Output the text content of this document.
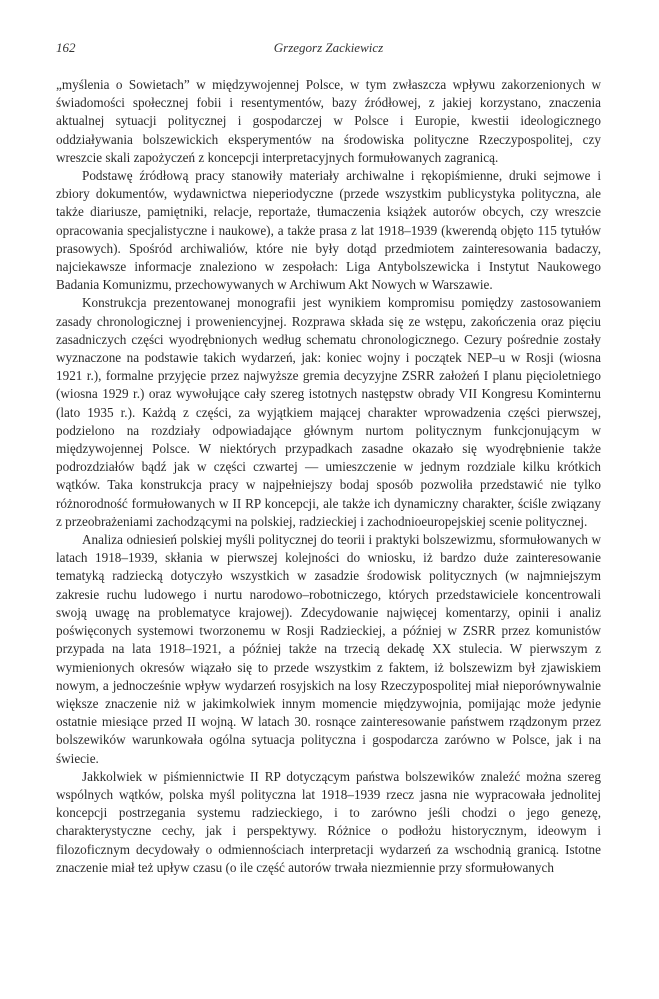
162	Grzegorz Zackiewicz

„myślenia o Sowietach” w międzywojennej Polsce, w tym zwłaszcza wpływu zakorzenionych w świadomości społecznej fobii i resentymentów, bazy źródłowej, z jakiej korzystano, znaczenia aktualnej sytuacji politycznej i gospodarczej w Polsce i Europie, kwestii ideologicznego oddziaływania bolszewickich eksperymentów na środowiska polityczne Rzeczypospolitej, czy wreszcie skali zapożyczeń z koncepcji interpretacyjnych formułowanych zagranicą.

Podstawę źródłową pracy stanowiły materiały archiwalne i rękopiśmienne, druki sejmowe i zbiory dokumentów, wydawnictwa nieperiodyczne (przede wszystkim publicystyka polityczna, ale także diariusze, pamiętniki, relacje, reportaże, tłumaczenia książek autorów obcych, czy wreszcie opracowania specjalistyczne i naukowe), a także prasa z lat 1918–1939 (kwerendą objęto 115 tytułów prasowych). Spośród archiwaliów, które nie były dotąd przedmiotem zainteresowania badaczy, najciekawsze informacje znaleziono w zespołach: Liga Antybolszewicka i Instytut Naukowego Badania Komunizmu, przechowywanych w Archiwum Akt Nowych w Warszawie.

Konstrukcja prezentowanej monografii jest wynikiem kompromisu pomiędzy zastosowaniem zasady chronologicznej i proweniencyjnej. Rozprawa składa się ze wstępu, zakończenia oraz pięciu zasadniczych części wyodrębnionych według schematu chronologicznego. Cezury pośrednie zostały wyznaczone na podstawie takich wydarzeń, jak: koniec wojny i początek NEP–u w Rosji (wiosna 1921 r.), formalne przyjęcie przez najwyższe gremia decyzyjne ZSRR założeń I planu pięcioletniego (wiosna 1929 r.) oraz wywołujące cały szereg istotnych następstw obrady VII Kongresu Kominternu (lato 1935 r.). Każdą z części, za wyjątkiem mającej charakter wprowadzenia części pierwszej, podzielono na rozdziały odpowiadające głównym nurtom politycznym funkcjonującym w międzywojennej Polsce. W niektórych przypadkach zasadne okazało się wyodrębnienie także podrozdziałów bądź jak w części czwartej — umieszczenie w jednym rozdziale kilku krótkich wątków. Taka konstrukcja pracy w najpełniejszy bodaj sposób pozwoliła przedstawić nie tylko różnorodność formułowanych w II RP koncepcji, ale także ich dynamiczny charakter, ściśle związany z przeobrażeniami zachodzącymi na polskiej, radzieckiej i zachodnioeuropejskiej scenie politycznej.

Analiza odniesień polskiej myśli politycznej do teorii i praktyki bolszewizmu, sformułowanych w latach 1918–1939, skłania w pierwszej kolejności do wniosku, iż bardzo duże zainteresowanie tematyką radziecką dotyczyło wszystkich w zasadzie środowisk politycznych (w najmniejszym zakresie ruchu ludowego i nurtu narodowo–robotniczego, których przedstawiciele koncentrowali swoją uwagę na problematyce krajowej). Zdecydowanie najwięcej komentarzy, opinii i analiz poświęconych systemowi tworzonemu w Rosji Radzieckiej, a później w ZSRR przez komunistów przypada na lata 1918–1921, a później także na trzecią dekadę XX stulecia. W pierwszym z wymienionych okresów wiązało się to przede wszystkim z faktem, iż bolszewizm był zjawiskiem nowym, a jednocześnie wpływ wydarzeń rosyjskich na losy Rzeczypospolitej miał nieporównywalnie większe znaczenie niż w jakimkolwiek innym momencie międzywojnia, pomijając może jedynie ostatnie miesiące przed II wojną. W latach 30. rosnące zainteresowanie państwem rządzonym przez bolszewików warunkowała ogólna sytuacja polityczna i gospodarcza zarówno w Polsce, jak i na świecie.

Jakkolwiek w piśmiennictwie II RP dotyczącym państwa bolszewików znaleźć można szereg wspólnych wątków, polska myśl polityczna lat 1918–1939 rzecz jasna nie wypracowała jednolitej koncepcji postrzegania systemu radzieckiego, i to zarówno jeśli chodzi o jego genezę, charakterystyczne cechy, jak i perspektywy. Różnice o podłożu historycznym, ideowym i filozoficznym decydowały o odmiennościach interpretacji wydarzeń za wschodnią granicą. Istotne znaczenie miał też upływ czasu (o ile część autorów trwała niezmiennie przy sformułowanych
